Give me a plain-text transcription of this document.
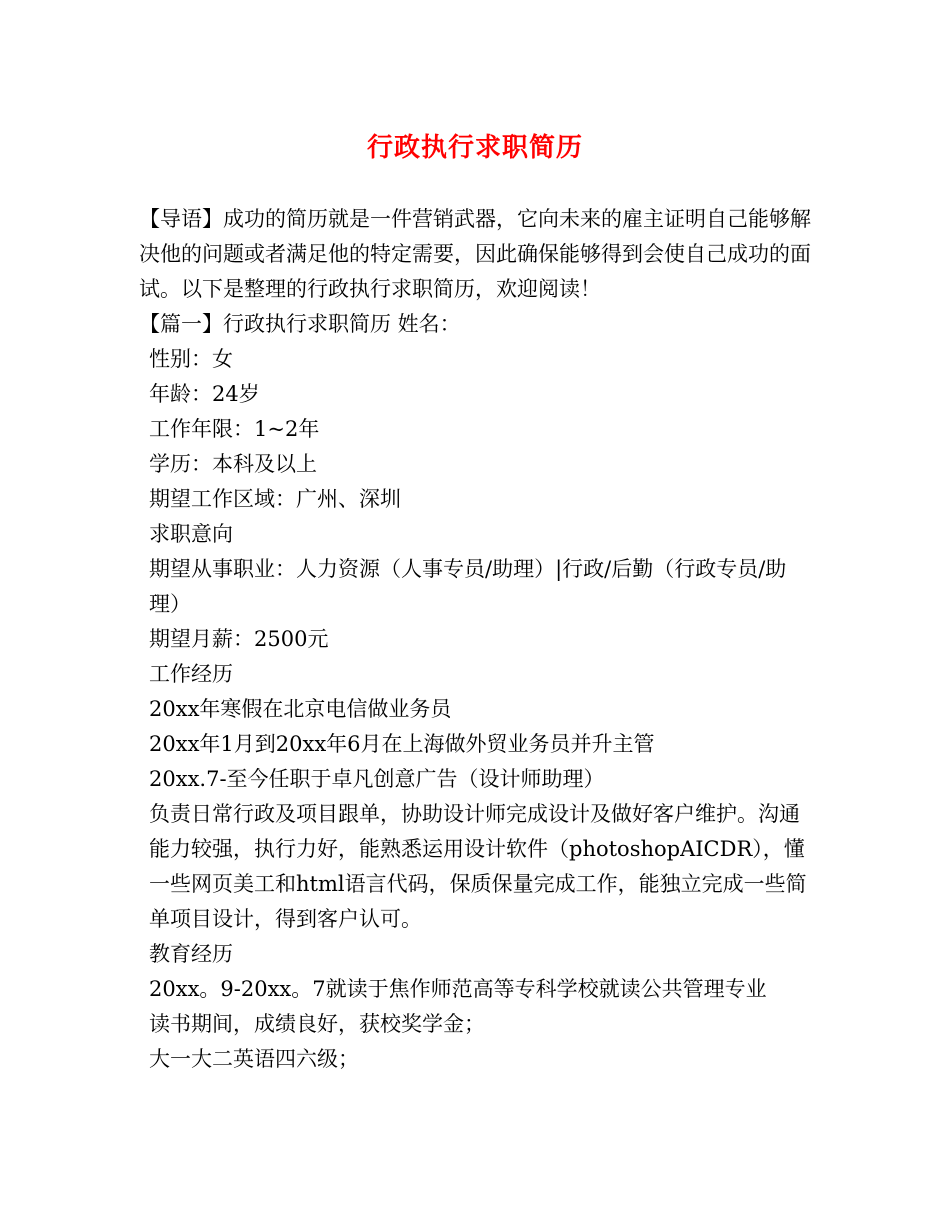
行政执行求职简历

【导语】成功的简历就是一件营销武器，它向未来的雇主证明自己能够解决他的问题或者满足他的特定需要，因此确保能够得到会使自己成功的面试。以下是整理的行政执行求职简历，欢迎阅读！

【篇一】行政执行求职简历 姓名：

性别：女

年龄：24岁

工作年限：1~2年

学历：本科及以上

期望工作区域：广州、深圳

求职意向

期望从事职业：人力资源（人事专员/助理）|行政/后勤（行政专员/助理）

期望月薪：2500元

工作经历

20xx年寒假在北京电信做业务员

20xx年1月到20xx年6月在上海做外贸业务员并升主管

20xx.7-至今任职于卓凡创意广告（设计师助理）

负责日常行政及项目跟单，协助设计师完成设计及做好客户维护。沟通能力较强，执行力好，能熟悉运用设计软件（photoshopAICDR），懂一些网页美工和html语言代码，保质保量完成工作，能独立完成一些简单项目设计，得到客户认可。

教育经历

20xx。9-20xx。7就读于焦作师范高等专科学校就读公共管理专业

读书期间，成绩良好，获校奖学金；

大一大二英语四六级；
